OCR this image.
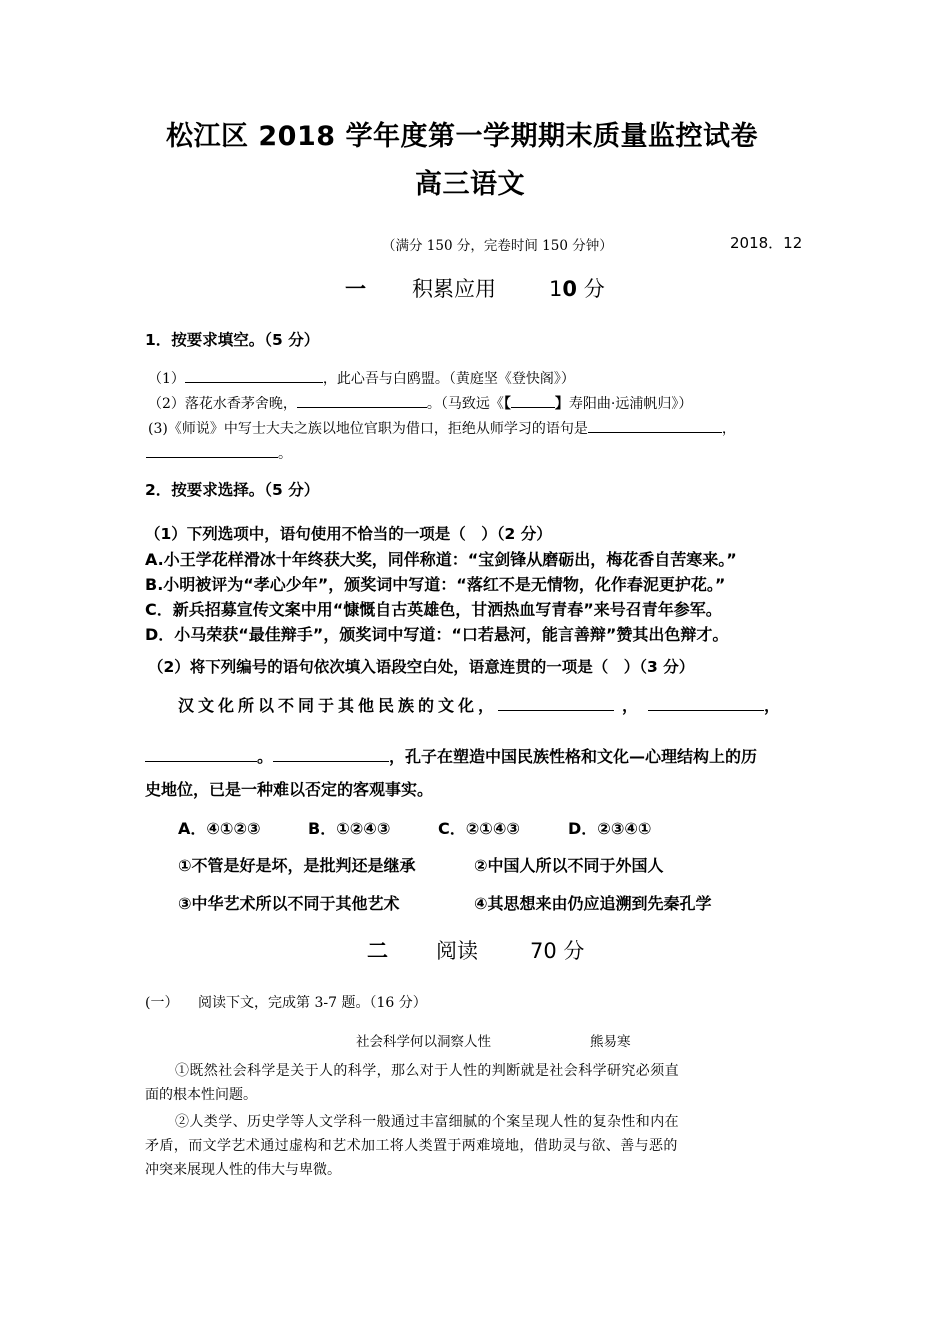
松江区 2018 学年度第一学期期末质量监控试卷
高三语文
（满分 150 分，完卷时间 150 分钟）	2018．12
一 积累应用	10 分
1．按要求填空。（5 分）
（1）	，此心吾与白鸥盟。（黄庭坚《登快阁》）
（2）落花水香茅舍晚，	。（马致远《【	】寿阳曲·远浦帆归》）
(3)《师说》中写士大夫之族以地位官职为借口，拒绝从师学习的语句是	，
。
2．按要求选择。（5 分）
（1）下列选项中，语句使用不恰当的一项是（　）（2 分）
A.小王学花样滑冰十年终获大奖，同伴称道：“宝剑锋从磨砺出，梅花香自苦寒来。”
B.小明被评为“孝心少年”，颁奖词中写道：“落红不是无情物，化作春泥更护花。”
C．新兵招募宣传文案中用“慷慨自古英雄色，甘洒热血写青春”来号召青年参军。
D．小马荣获“最佳辩手”，颁奖词中写道：“口若悬河，能言善辩”赞其出色辩才。
（2）将下列编号的语句依次填入语段空白处，语意连贯的一项是（　）（3 分）
汉文化所以不同于其他民族的文化，	，	，
。	，孔子在塑造中国民族性格和文化—心理结构上的历
史地位，已是一种难以否定的客观事实。
A．④①②③	B．①②④③	C．②①④③	D．②③④①
①不管是好是坏，是批判还是继承	②中国人所以不同于外国人
③中华艺术所以不同于其他艺术	④其思想来由仍应追溯到先秦孔学
二 阅读 70 分
(一） 阅读下文，完成第 3-7 题。（16 分）
社会科学何以洞察人性	熊易寒
①既然社会科学是关于人的科学，那么对于人性的判断就是社会科学研究必须直
面的根本性问题。
②人类学、历史学等人文学科一般通过丰富细腻的个案呈现人性的复杂性和内在
矛盾，而文学艺术通过虚构和艺术加工将人类置于两难境地，借助灵与欲、善与恶的
冲突来展现人性的伟大与卑微。
